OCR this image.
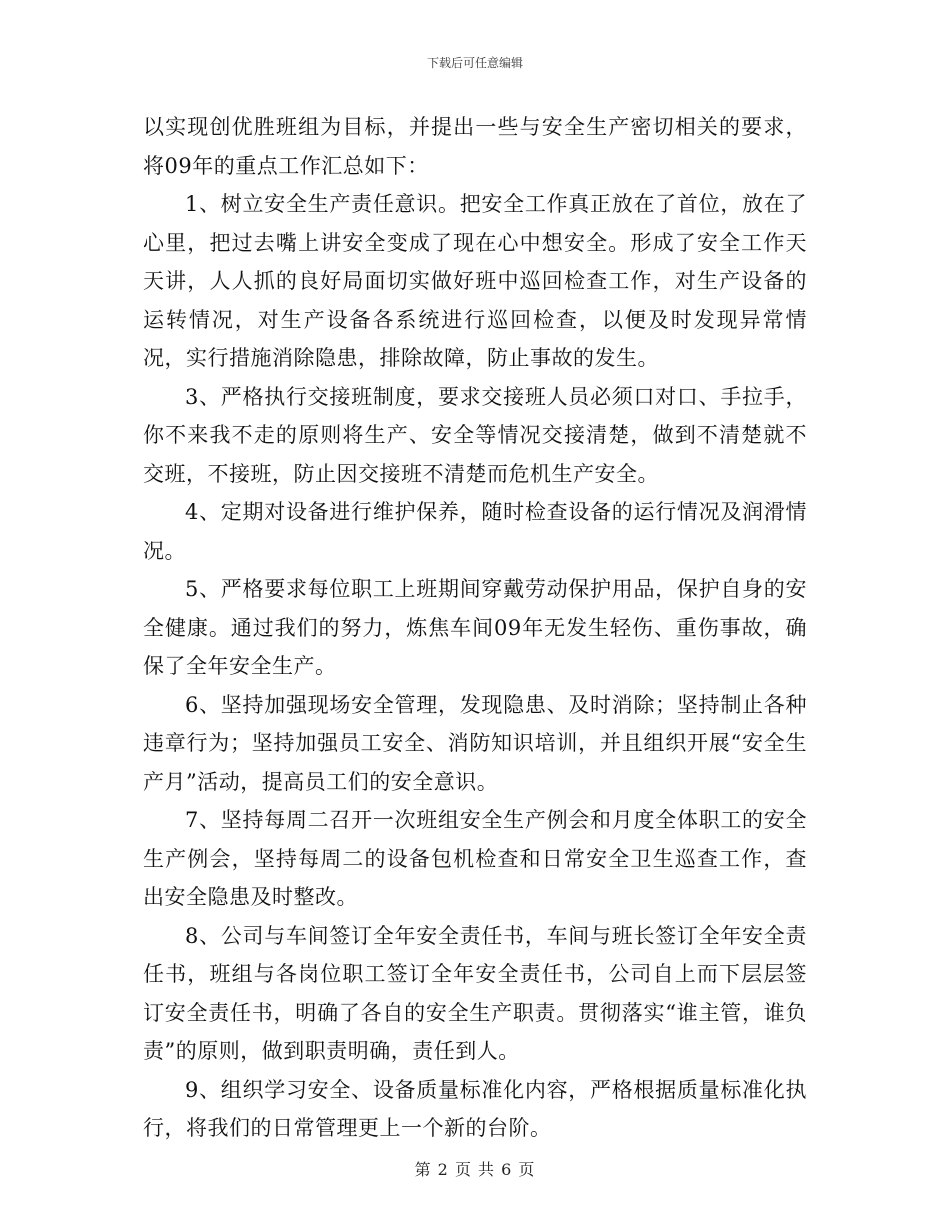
下载后可任意编辑

以实现创优胜班组为目标，并提出一些与安全生产密切相关的要求，将09年的重点工作汇总如下：

1、树立安全生产责任意识。把安全工作真正放在了首位，放在了心里，把过去嘴上讲安全变成了现在心中想安全。形成了安全工作天天讲，人人抓的良好局面切实做好班中巡回检查工作，对生产设备的运转情况，对生产设备各系统进行巡回检查，以便及时发现异常情况，实行措施消除隐患，排除故障，防止事故的发生。

3、严格执行交接班制度，要求交接班人员必须口对口、手拉手，你不来我不走的原则将生产、安全等情况交接清楚，做到不清楚就不交班，不接班，防止因交接班不清楚而危机生产安全。

4、定期对设备进行维护保养，随时检查设备的运行情况及润滑情况。

5、严格要求每位职工上班期间穿戴劳动保护用品，保护自身的安全健康。通过我们的努力，炼焦车间09年无发生轻伤、重伤事故，确保了全年安全生产。

6、坚持加强现场安全管理，发现隐患、及时消除；坚持制止各种违章行为；坚持加强员工安全、消防知识培训，并且组织开展“安全生产月”活动，提高员工们的安全意识。

7、坚持每周二召开一次班组安全生产例会和月度全体职工的安全生产例会，坚持每周二的设备包机检查和日常安全卫生巡查工作，查出安全隐患及时整改。

8、公司与车间签订全年安全责任书，车间与班长签订全年安全责任书，班组与各岗位职工签订全年安全责任书，公司自上而下层层签订安全责任书，明确了各自的安全生产职责。贯彻落实“谁主管，谁负责”的原则，做到职责明确，责任到人。

9、组织学习安全、设备质量标准化内容，严格根据质量标准化执行，将我们的日常管理更上一个新的台阶。

第 2 页 共 6 页
